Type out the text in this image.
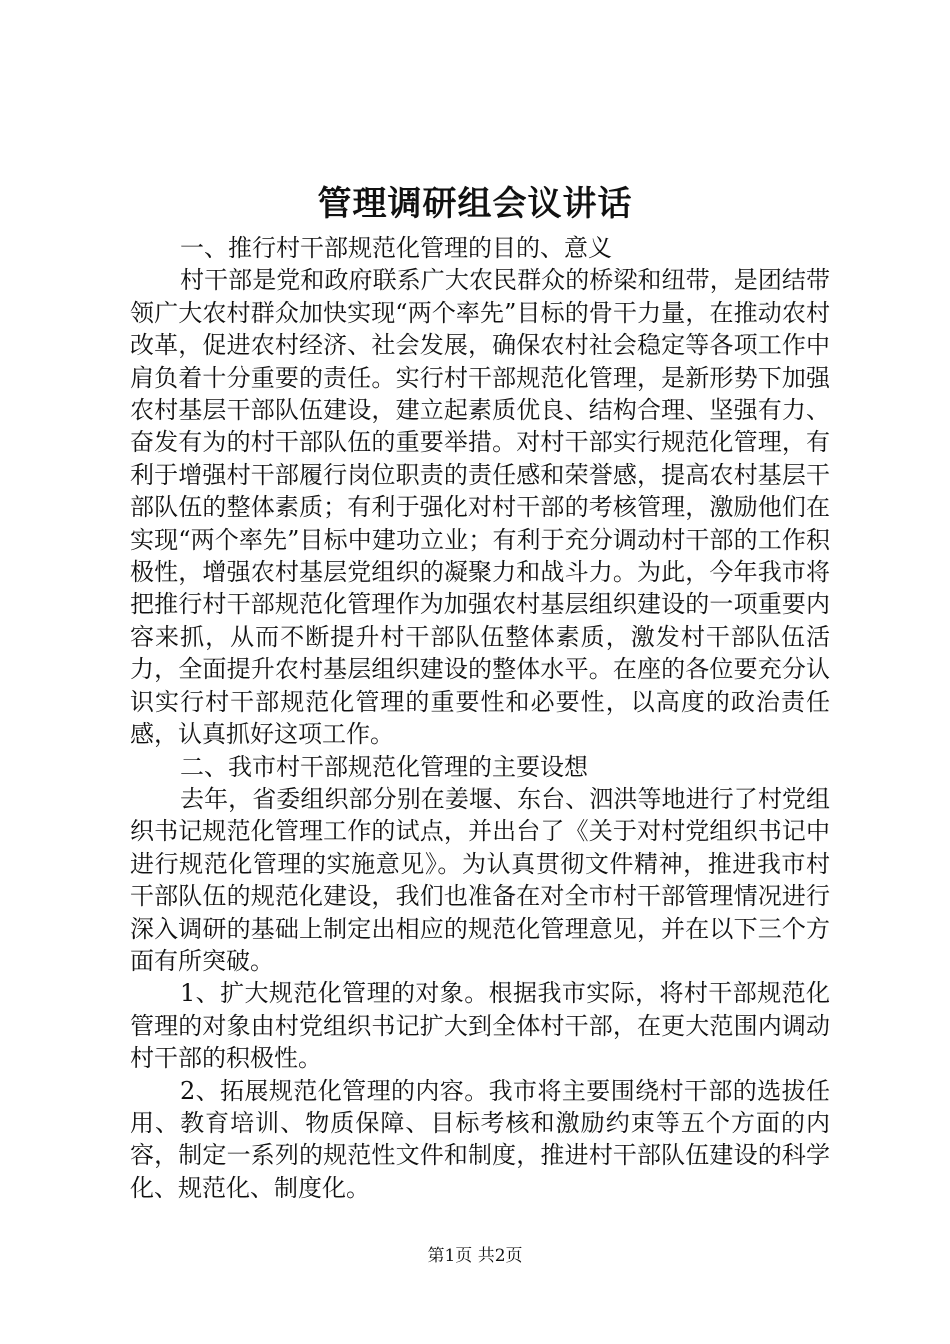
管理调研组会议讲话

一、推行村干部规范化管理的目的、意义

村干部是党和政府联系广大农民群众的桥梁和纽带，是团结带领广大农村群众加快实现“两个率先”目标的骨干力量，在推动农村改革，促进农村经济、社会发展，确保农村社会稳定等各项工作中肩负着十分重要的责任。实行村干部规范化管理，是新形势下加强农村基层干部队伍建设，建立起素质优良、结构合理、坚强有力、奋发有为的村干部队伍的重要举措。对村干部实行规范化管理，有利于增强村干部履行岗位职责的责任感和荣誉感，提高农村基层干部队伍的整体素质；有利于强化对村干部的考核管理，激励他们在实现“两个率先”目标中建功立业；有利于充分调动村干部的工作积极性，增强农村基层党组织的凝聚力和战斗力。为此，今年我市将把推行村干部规范化管理作为加强农村基层组织建设的一项重要内容来抓，从而不断提升村干部队伍整体素质，激发村干部队伍活力，全面提升农村基层组织建设的整体水平。在座的各位要充分认识实行村干部规范化管理的重要性和必要性，以高度的政治责任感，认真抓好这项工作。

二、我市村干部规范化管理的主要设想

去年，省委组织部分别在姜堰、东台、泗洪等地进行了村党组织书记规范化管理工作的试点，并出台了《关于对村党组织书记中进行规范化管理的实施意见》。为认真贯彻文件精神，推进我市村干部队伍的规范化建设，我们也准备在对全市村干部管理情况进行深入调研的基础上制定出相应的规范化管理意见，并在以下三个方面有所突破。

1、扩大规范化管理的对象。根据我市实际，将村干部规范化管理的对象由村党组织书记扩大到全体村干部，在更大范围内调动村干部的积极性。

2、拓展规范化管理的内容。我市将主要围绕村干部的选拔任用、教育培训、物质保障、目标考核和激励约束等五个方面的内容，制定一系列的规范性文件和制度，推进村干部队伍建设的科学化、规范化、制度化。

第1页 共2页
